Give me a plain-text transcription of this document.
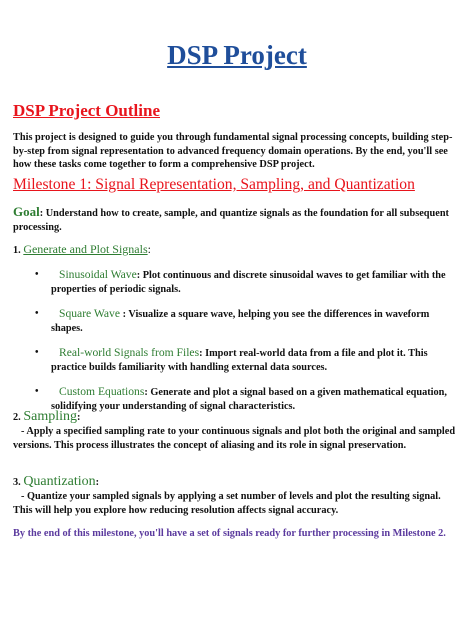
DSP Project
DSP Project Outline

This project is designed to guide you through fundamental signal processing concepts, building step-by-step from signal representation to advanced frequency domain operations. By the end, you'll see how these tasks come together to form a comprehensive DSP project.

Milestone 1: Signal Representation, Sampling, and Quantization

Goal: Understand how to create, sample, and quantize signals as the foundation for all subsequent processing.

1. Generate and Plot Signals:

• Sinusoidal Wave: Plot continuous and discrete sinusoidal waves to get familiar with the properties of periodic signals.
• Square Wave : Visualize a square wave, helping you see the differences in waveform shapes.
• Real-world Signals from Files: Import real-world data from a file and plot it. This practice builds familiarity with handling external data sources.
• Custom Equations: Generate and plot a signal based on a given mathematical equation, solidifying your understanding of signal characteristics.

2. Sampling:

- Apply a specified sampling rate to your continuous signals and plot both the original and sampled versions. This process illustrates the concept of aliasing and its role in signal preservation.

3. Quantization:

- Quantize your sampled signals by applying a set number of levels and plot the resulting signal. This will help you explore how reducing resolution affects signal accuracy.

By the end of this milestone, you'll have a set of signals ready for further processing in Milestone 2.
